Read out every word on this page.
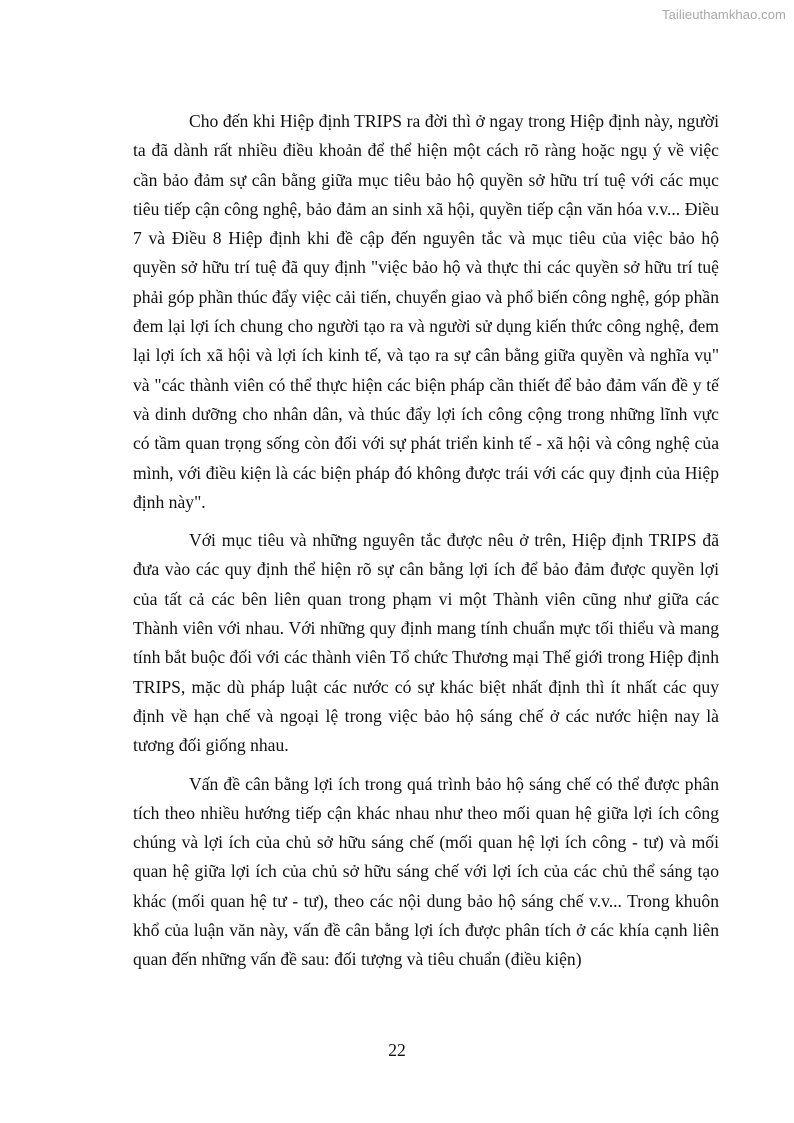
Tailieuthamkhao.com

Cho đến khi Hiệp định TRIPS ra đời thì ở ngay trong Hiệp định này, người ta đã dành rất nhiều điều khoản để thể hiện một cách rõ ràng hoặc ngụ ý về việc cần bảo đảm sự cân bằng giữa mục tiêu bảo hộ quyền sở hữu trí tuệ với các mục tiêu tiếp cận công nghệ, bảo đảm an sinh xã hội, quyền tiếp cận văn hóa v.v... Điều 7 và Điều 8 Hiệp định khi đề cập đến nguyên tắc và mục tiêu của việc bảo hộ quyền sở hữu trí tuệ đã quy định "việc bảo hộ và thực thi các quyền sở hữu trí tuệ phải góp phần thúc đẩy việc cải tiến, chuyển giao và phổ biến công nghệ, góp phần đem lại lợi ích chung cho người tạo ra và người sử dụng kiến thức công nghệ, đem lại lợi ích xã hội và lợi ích kinh tế, và tạo ra sự cân bằng giữa quyền và nghĩa vụ" và "các thành viên có thể thực hiện các biện pháp cần thiết để bảo đảm vấn đề y tế và dinh dưỡng cho nhân dân, và thúc đẩy lợi ích công cộng trong những lĩnh vực có tầm quan trọng sống còn đối với sự phát triển kinh tế - xã hội và công nghệ của mình, với điều kiện là các biện pháp đó không được trái với các quy định của Hiệp định này".

Với mục tiêu và những nguyên tắc được nêu ở trên, Hiệp định TRIPS đã đưa vào các quy định thể hiện rõ sự cân bằng lợi ích để bảo đảm được quyền lợi của tất cả các bên liên quan trong phạm vi một Thành viên cũng như giữa các Thành viên với nhau. Với những quy định mang tính chuẩn mực tối thiểu và mang tính bắt buộc đối với các thành viên Tổ chức Thương mại Thế giới trong Hiệp định TRIPS, mặc dù pháp luật các nước có sự khác biệt nhất định thì ít nhất các quy định về hạn chế và ngoại lệ trong việc bảo hộ sáng chế ở các nước hiện nay là tương đối giống nhau.

Vấn đề cân bằng lợi ích trong quá trình bảo hộ sáng chế có thể được phân tích theo nhiều hướng tiếp cận khác nhau như theo mối quan hệ giữa lợi ích công chúng và lợi ích của chủ sở hữu sáng chế (mối quan hệ lợi ích công - tư) và mối quan hệ giữa lợi ích của chủ sở hữu sáng chế với lợi ích của các chủ thể sáng tạo khác (mối quan hệ tư - tư), theo các nội dung bảo hộ sáng chế v.v... Trong khuôn khổ của luận văn này, vấn đề cân bằng lợi ích được phân tích ở các khía cạnh liên quan đến những vấn đề sau: đối tượng và tiêu chuẩn (điều kiện)

22
